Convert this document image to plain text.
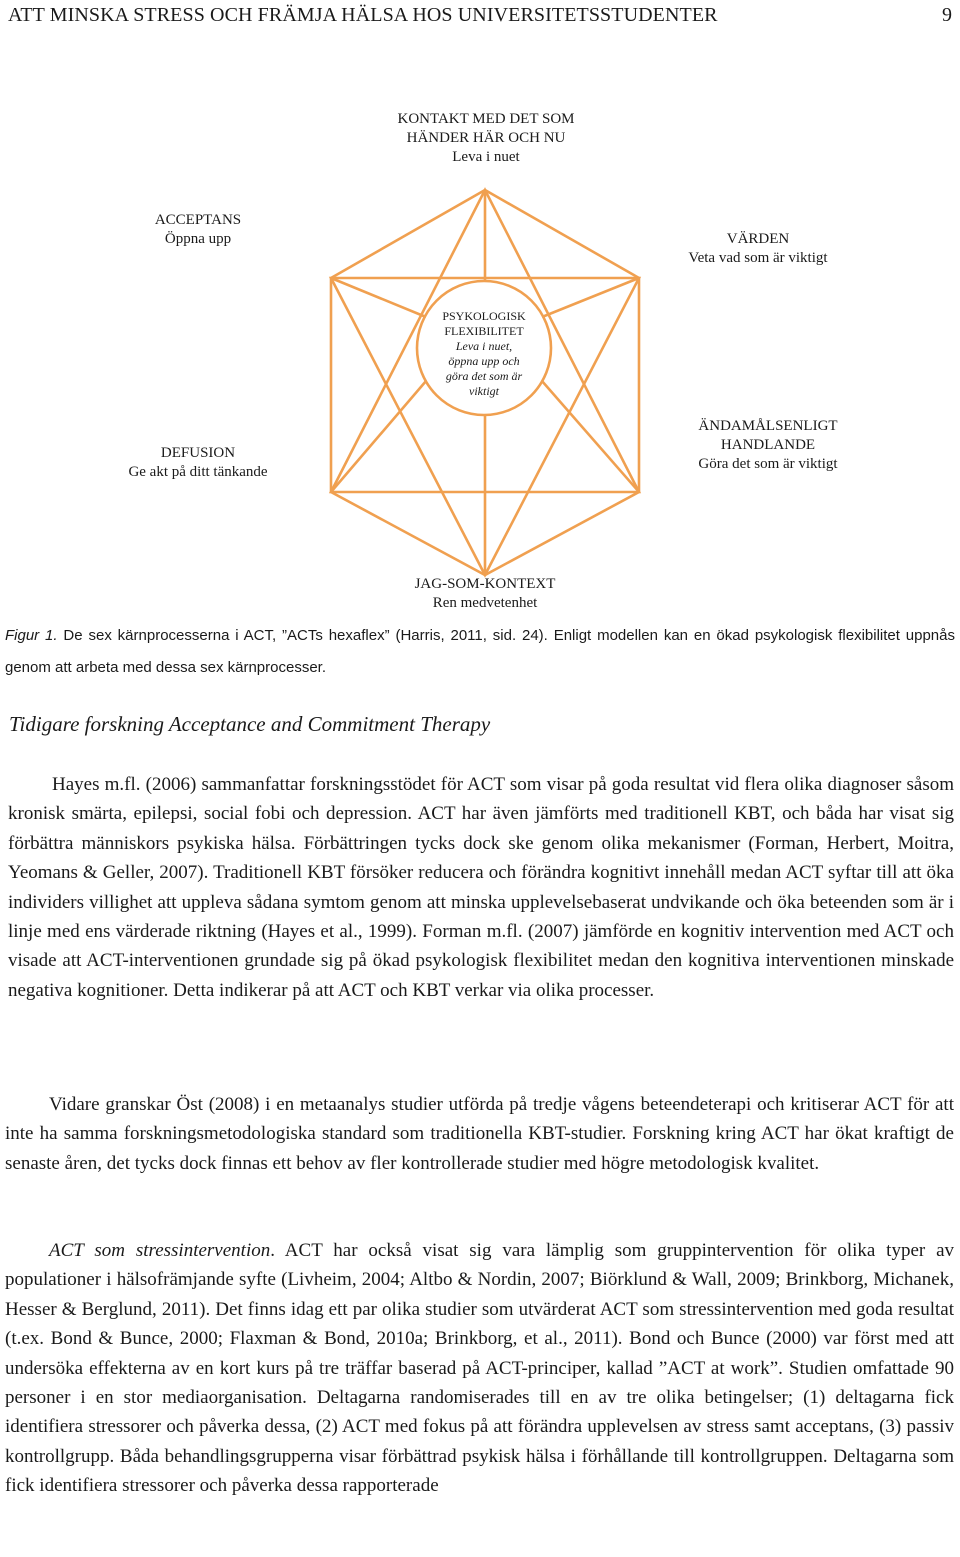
ATT MINSKA STRESS OCH FRÄMJA HÄLSA HOS UNIVERSITETSSTUDENTER	9
KONTAKT MED DET SOM
HÄNDER HÄR OCH NU
Leva i nuet
ACCEPTANS
Öppna upp	VÄRDEN
Veta vad som är viktigt
DEFUSION
Ge akt på ditt tänkande
ÄNDAMÅLSENLIGT
HANDLANDE
Göra det som är viktigt
JAG-SOM-KONTEXT
Ren medvetenhet
PSYKOLOGISK
FLEXIBILITET
Leva i nuet,
öppna upp och
göra det som är
viktigt
Figur 1. De sex kärnprocesserna i ACT, ”ACTs hexaflex” (Harris, 2011, sid. 24). Enligt modellen kan en ökad psykologisk flexibilitet uppnås genom att arbeta med dessa sex kärnprocesser.
Tidigare forskning Acceptance and Commitment Therapy
Hayes m.fl. (2006) sammanfattar forskningsstödet för ACT som visar på goda resultat vid flera olika diagnoser såsom kronisk smärta, epilepsi, social fobi och depression. ACT har även jämförts med traditionell KBT, och båda har visat sig förbättra människors psykiska hälsa. Förbättringen tycks dock ske genom olika mekanismer (Forman, Herbert, Moitra, Yeomans & Geller, 2007). Traditionell KBT försöker reducera och förändra kognitivt innehåll medan ACT syftar till att öka individers villighet att uppleva sådana symtom genom att minska upplevelsebaserat undvikande och öka beteenden som är i linje med ens värderade riktning (Hayes et al., 1999). Forman m.fl. (2007) jämförde en kognitiv intervention med ACT och visade att ACT-interventionen grundade sig på ökad psykologisk flexibilitet medan den kognitiva interventionen minskade negativa kognitioner. Detta indikerar på att ACT och KBT verkar via olika processer.
Vidare granskar Öst (2008) i en metaanalys studier utförda på tredje vågens beteendeterapi och kritiserar ACT för att inte ha samma forskningsmetodologiska standard som traditionella KBT-studier. Forskning kring ACT har ökat kraftigt de senaste åren, det tycks dock finnas ett behov av fler kontrollerade studier med högre metodologisk kvalitet.
ACT som stressintervention. ACT har också visat sig vara lämplig som gruppintervention för olika typer av populationer i hälsofrämjande syfte (Livheim, 2004; Altbo & Nordin, 2007; Biörklund & Wall, 2009; Brinkborg, Michanek, Hesser & Berglund, 2011). Det finns idag ett par olika studier som utvärderat ACT som stressintervention med goda resultat (t.ex. Bond & Bunce, 2000; Flaxman & Bond, 2010a; Brinkborg, et al., 2011). Bond och Bunce (2000) var först med att undersöka effekterna av en kort kurs på tre träffar baserad på ACT-principer, kallad ”ACT at work”. Studien omfattade 90 personer i en stor mediaorganisation. Deltagarna randomiserades till en av tre olika betingelser; (1) deltagarna fick identifiera stressorer och påverka dessa, (2) ACT med fokus på att förändra upplevelsen av stress samt acceptans, (3) passiv kontrollgrupp. Båda behandlingsgrupperna visar förbättrad psykisk hälsa i förhållande till kontrollgruppen. Deltagarna som fick identifiera stressorer och påverka dessa rapporterade
